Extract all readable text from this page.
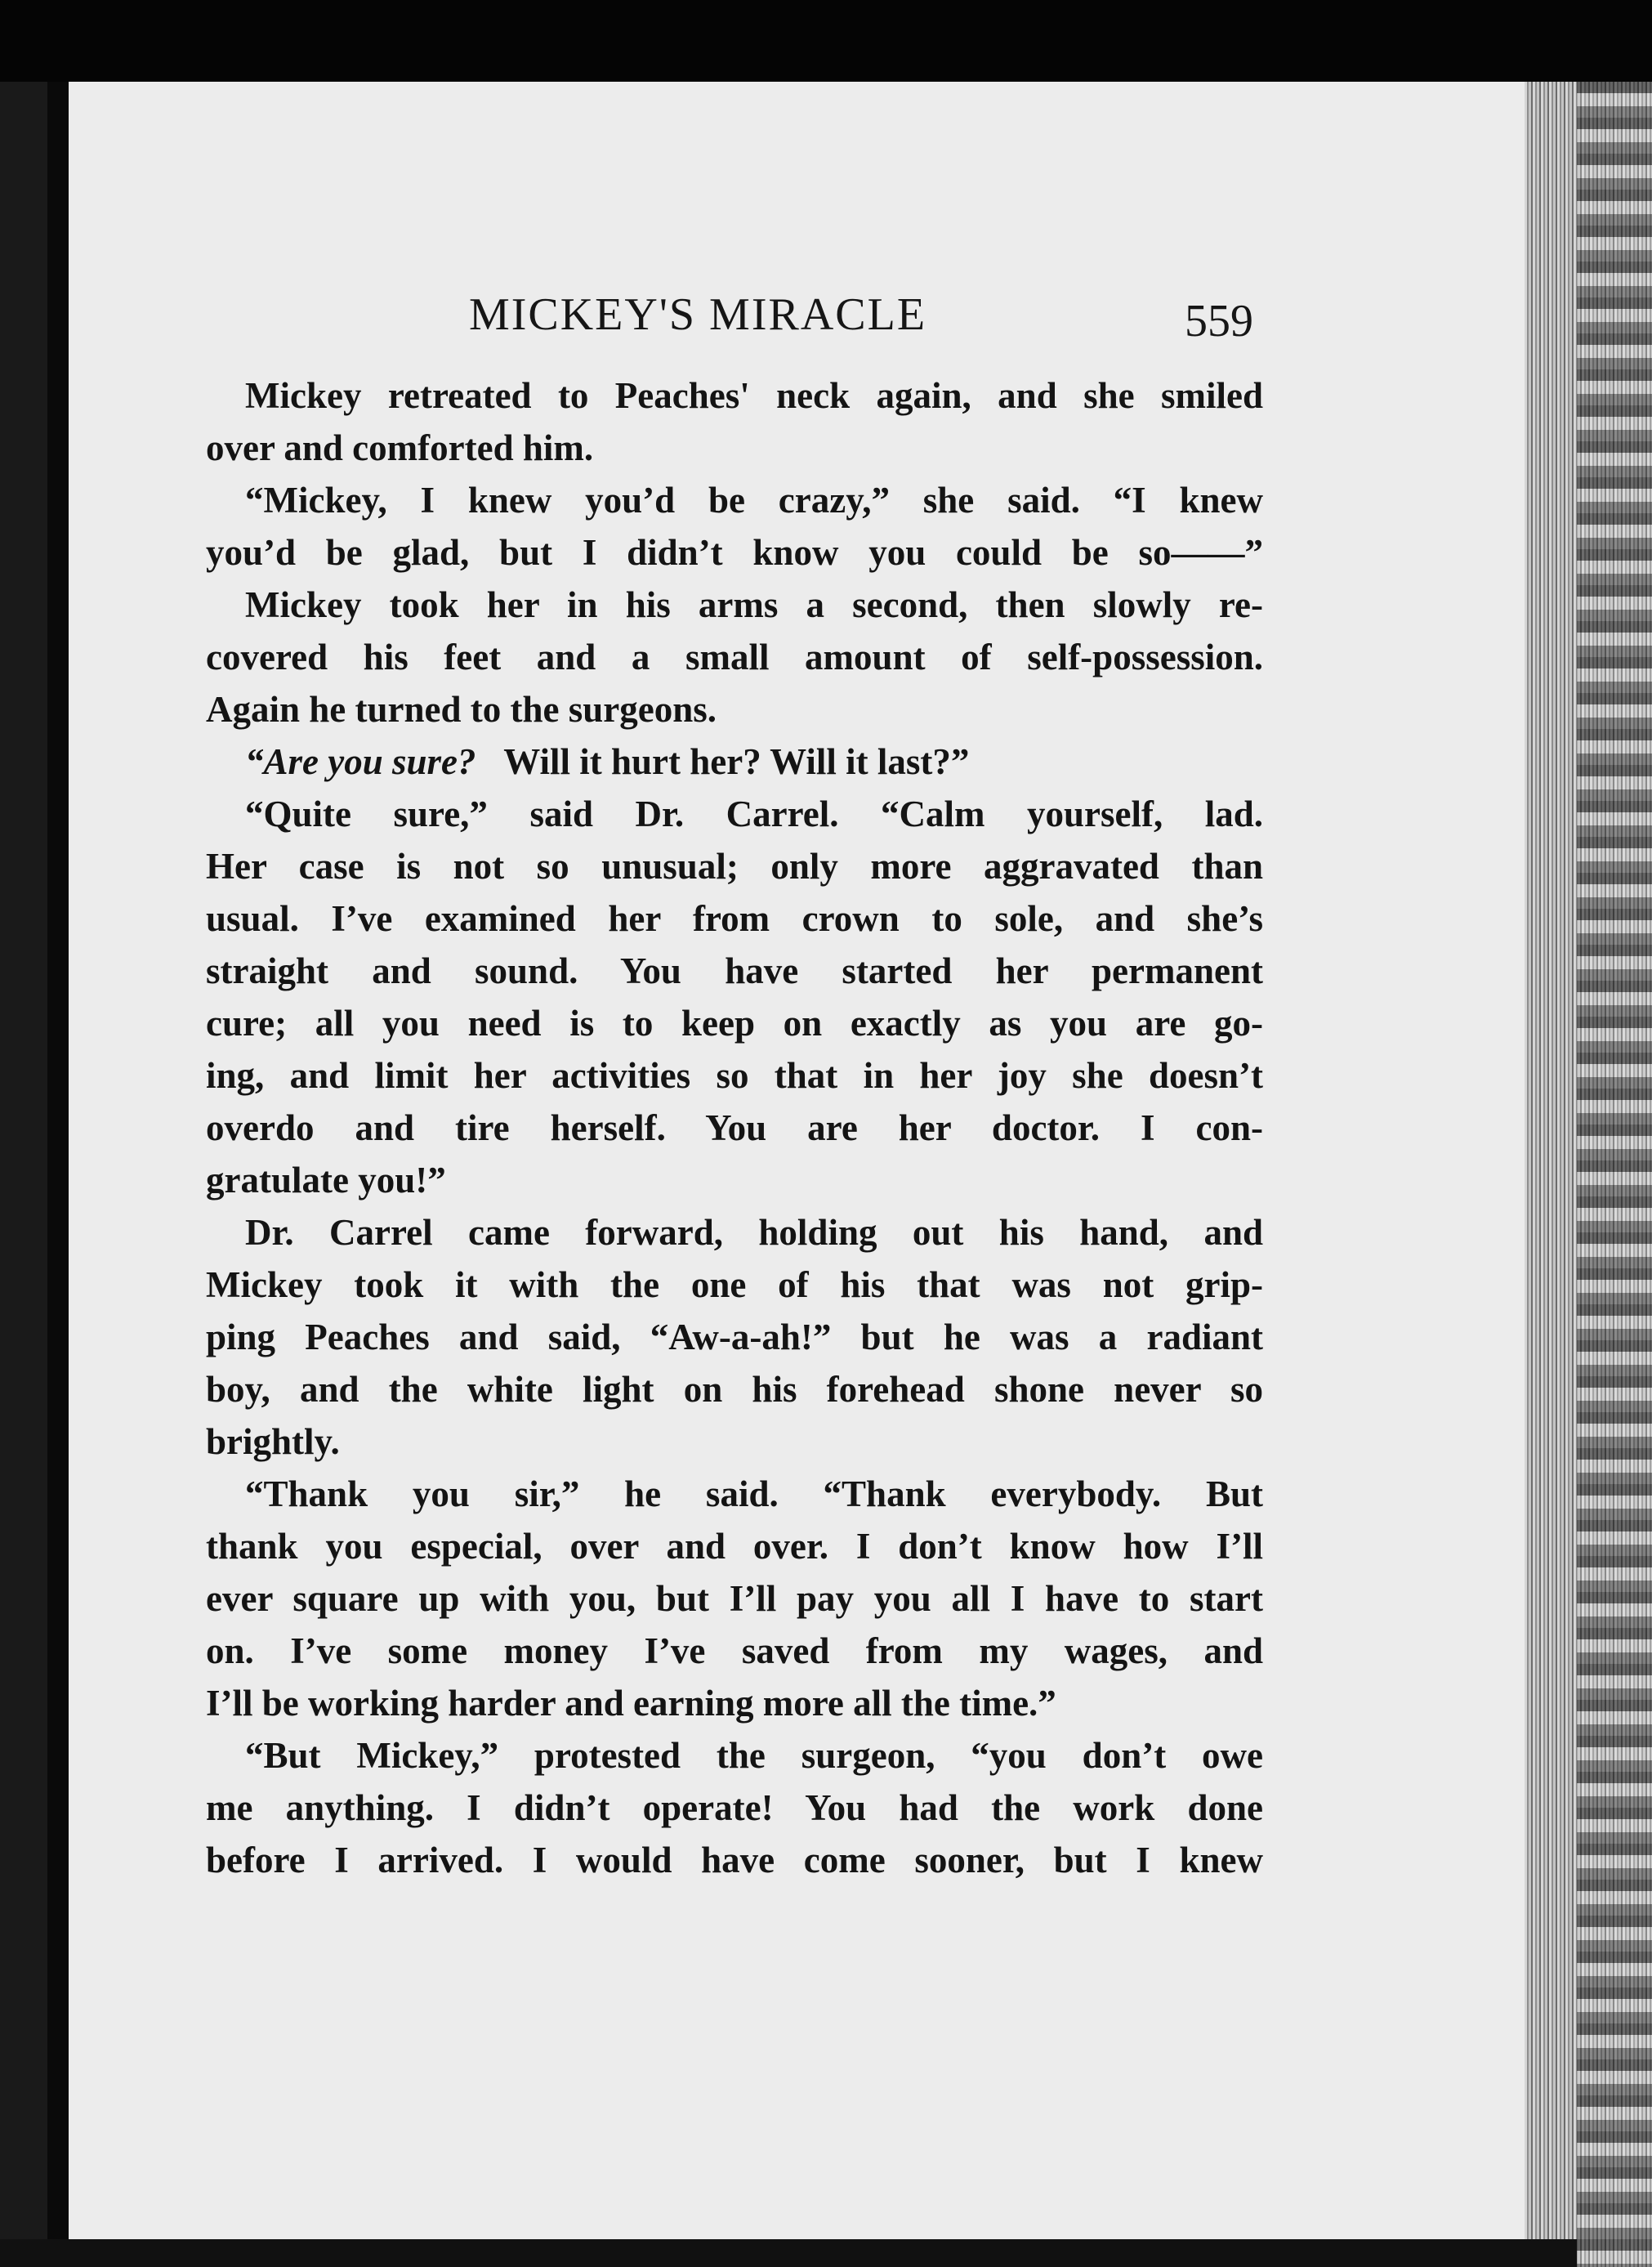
MICKEY'S MIRACLE	559
Mickey retreated to Peaches' neck again, and she smiled
over and comforted him.
“Mickey, I knew you’d be crazy,” she said. “I knew
you’d be glad, but I didn’t know you could be so——”
Mickey took her in his arms a second, then slowly re-
covered his feet and a small amount of self-possession.
Again he turned to the surgeons.
“Are you sure? Will it hurt her? Will it last?”
“Quite sure,” said Dr. Carrel. “Calm yourself, lad.
Her case is not so unusual; only more aggravated than
usual. I’ve examined her from crown to sole, and she’s
straight and sound. You have started her permanent
cure; all you need is to keep on exactly as you are go-
ing, and limit her activities so that in her joy she doesn’t
overdo and tire herself. You are her doctor. I con-
gratulate you!”
Dr. Carrel came forward, holding out his hand, and
Mickey took it with the one of his that was not grip-
ping Peaches and said, “Aw-a-ah!” but he was a radiant
boy, and the white light on his forehead shone never so
brightly.
“Thank you sir,” he said. “Thank everybody. But
thank you especial, over and over. I don’t know how I’ll
ever square up with you, but I’ll pay you all I have to start
on. I’ve some money I’ve saved from my wages, and
I’ll be working harder and earning more all the time.”
“But Mickey,” protested the surgeon, “you don’t owe
me anything. I didn’t operate! You had the work done
before I arrived. I would have come sooner, but I knew
